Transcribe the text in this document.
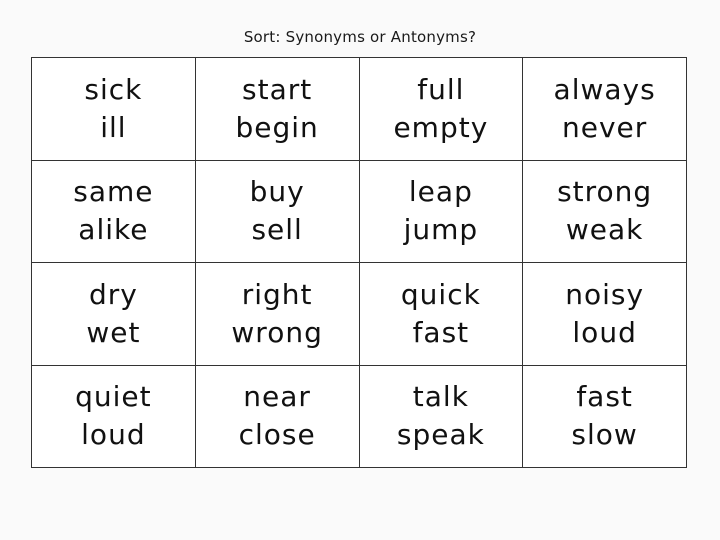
Sort: Synonyms or Antonyms?
sick
ill
start
begin
full
empty
always
never
same
alike
buy
sell
leap
jump
strong
weak
dry
wet
right
wrong
quick
fast
noisy
loud
quiet
loud
near
close
talk
speak
fast
slow
